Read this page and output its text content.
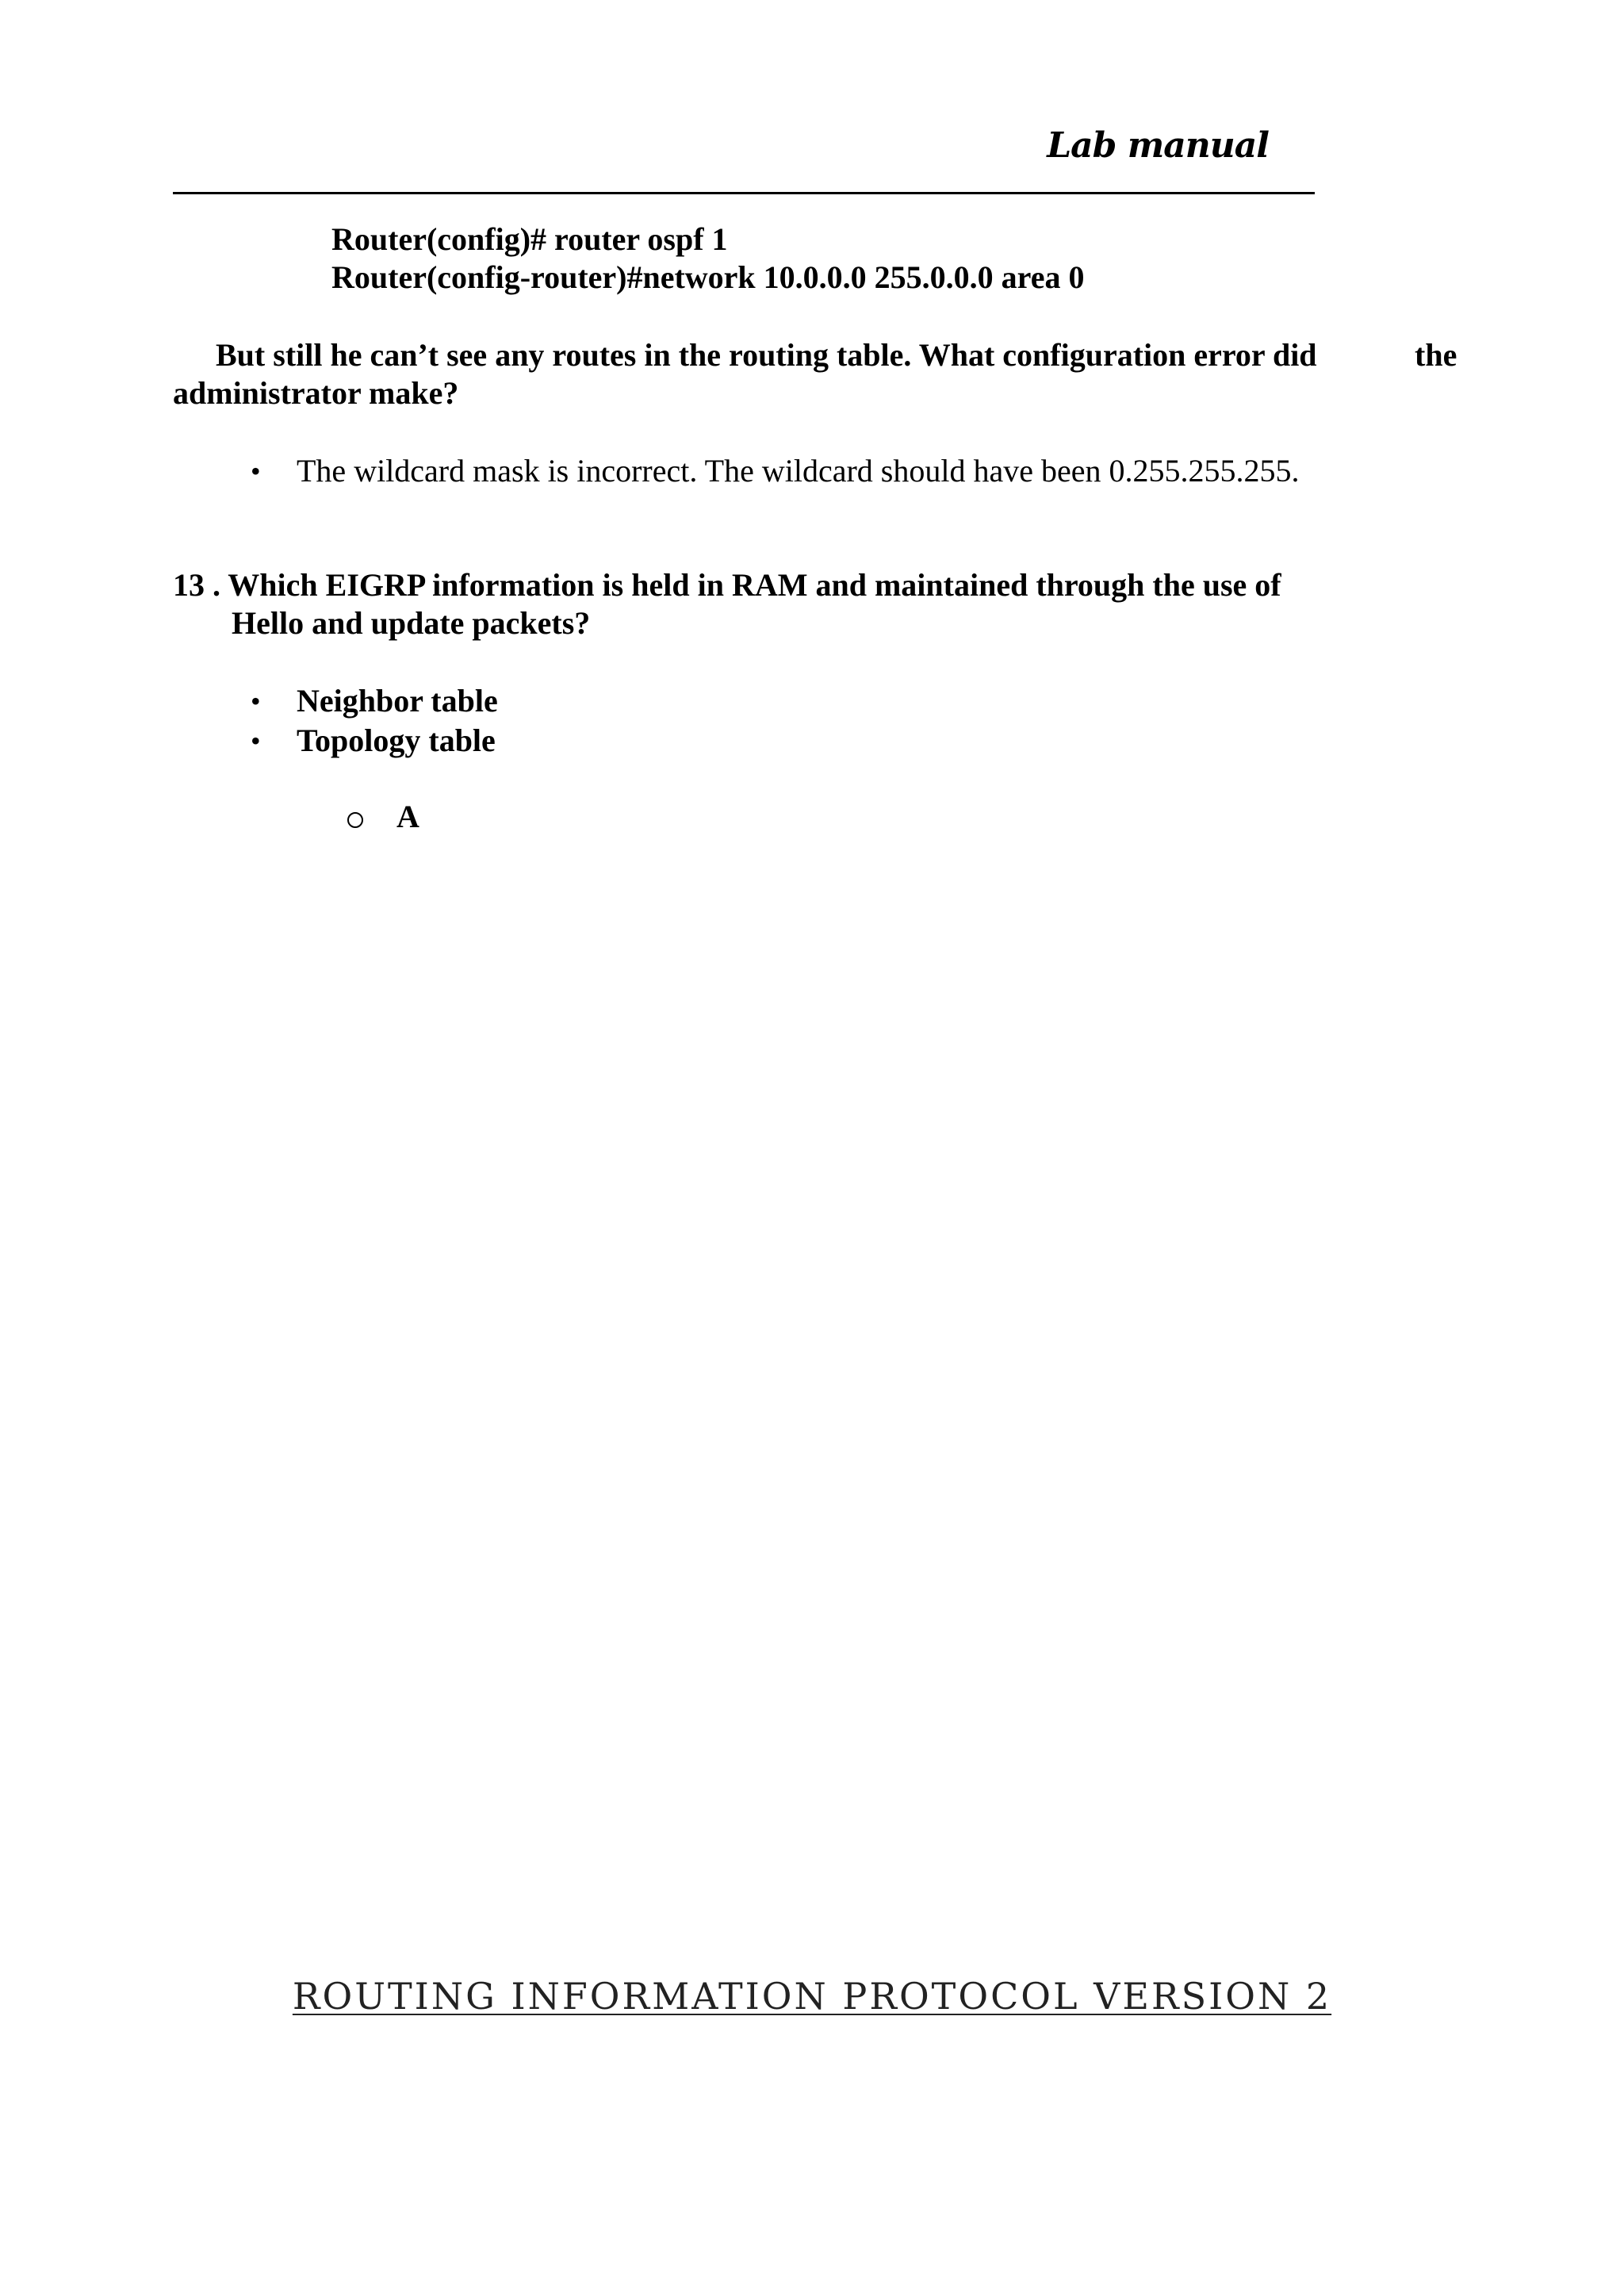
Lab manual
Router(config)# router ospf 1
Router(config-router)#network 10.0.0.0 255.0.0.0 area 0
But still he can’t see any routes in the routing table. What configuration error did	the
administrator make?
• The wildcard mask is incorrect. The wildcard should have been 0.255.255.255.
13 . Which EIGRP information is held in RAM and maintained through the use of
Hello and update packets?
• Neighbor table
• Topology table
A
ROUTING INFORMATION PROTOCOL VERSION 2
